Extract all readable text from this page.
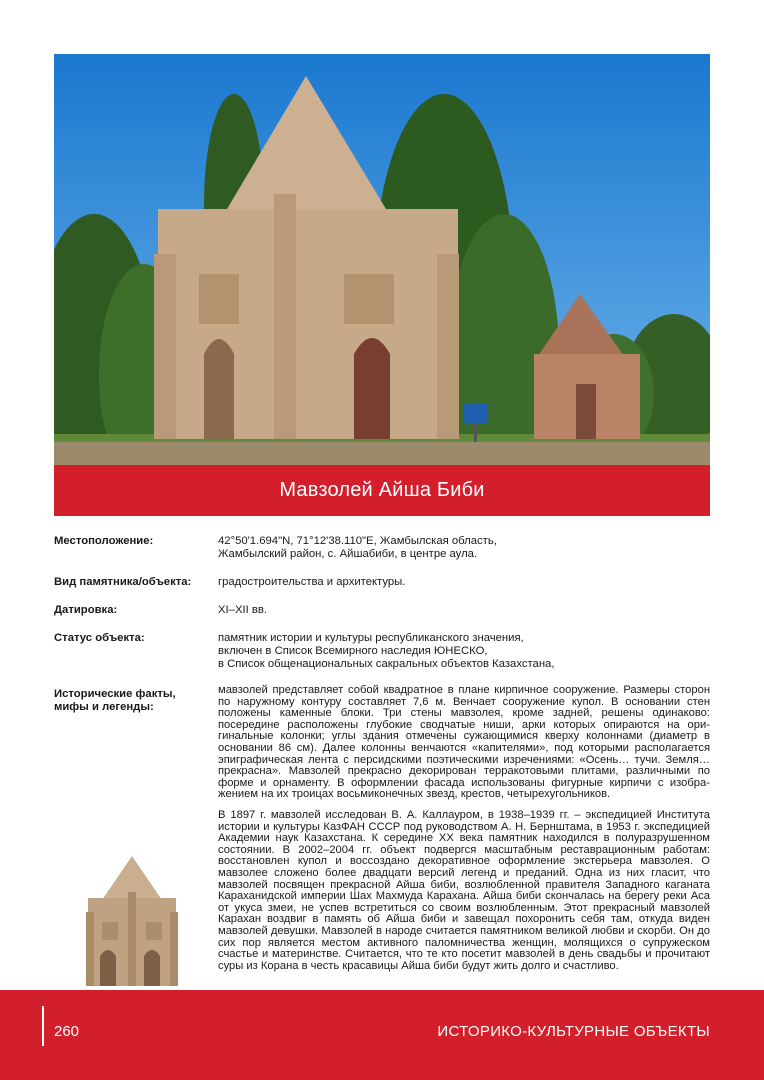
Мавзолей Айша Биби
Местоположение:	42°50'1.694"N, 71°12'38.110"E, Жамбылская область,
Жамбылский район, с. Айшабиби, в центре аула.
Вид памятника/объекта:	градостроительства и архитектуры.
Датировка:	XI–XII вв.
Статус объекта:	памятник истории и культуры республиканского значения,
включен в Список Всемирного наследия ЮНЕСКО,
в Список общенациональных сакральных объектов Казахстана,
Исторические факты, мифы и легенды:
мавзолей представляет собой квадратное в плане кирпичное сооружение. Размеры сторон по наружному контуру составляет 7,6 м. Венчает сооружение купол. В основании стен положены каменные блоки. Три стены мавзолея, кроме задней, решены одинаково: посередине расположены глубокие сводчатые ниши, арки которых опираются на оригинальные колонки; углы здания отмечены сужающимися кверху колоннами (диаметр в основании 86 см). Далее колонны венчаются «капителями», под которыми располагается эпиграфическая лента с персидскими поэтическими изречениями: «Осень… тучи. Земля… прекрасна». Мавзолей прекрасно декорирован терракотовыми плитами, различными по форме и орнаменту. В оформлении фасада использованы фигурные кирпичи с изображением на их троицах восьмиконечных звезд, крестов, четырехугольников.
В 1897 г. мавзолей исследован В. А. Каллауром, в 1938–1939 гг. – экспедицией Института истории и культуры КазФАН СССР под руководством А. Н. Бернштама, в 1953 г. экспедицией Академии наук Казахстана. К середине XX века памятник находился в полуразрушенном состоянии. В 2002–2004 гг. объект подвергся масштабным реставрационным работам: восстановлен купол и воссоздано декоративное оформление экстерьера мавзолея. О мавзолее сложено более двадцати версий легенд и преданий. Одна из них гласит, что мавзолей посвящен прекрасной Айша биби, возлюбленной правителя Западного каганата Караханидской империи Шах Махмуда Караханa. Айша биби скончалась на берегу реки Аса от укуса змеи, не успев встретиться со своим возлюбленным. Этот прекрасный мавзолей Карахан воздвиг в память об Айша биби и завещал похоронить себя там, откуда виден мавзолей девушки. Мавзолей в народе считается памятником великой любви и скорби. Он до сих пор является местом активного паломничества женщин, молящихся о супружеском счастье и материнстве. Считается, что те кто посетит мавзолей в день свадьбы и прочитают суры из Корана в честь красавицы Айша биби будут жить долго и счастливо.
260	ИСТОРИКО-КУЛЬТУРНЫЕ ОБЪЕКТЫ
